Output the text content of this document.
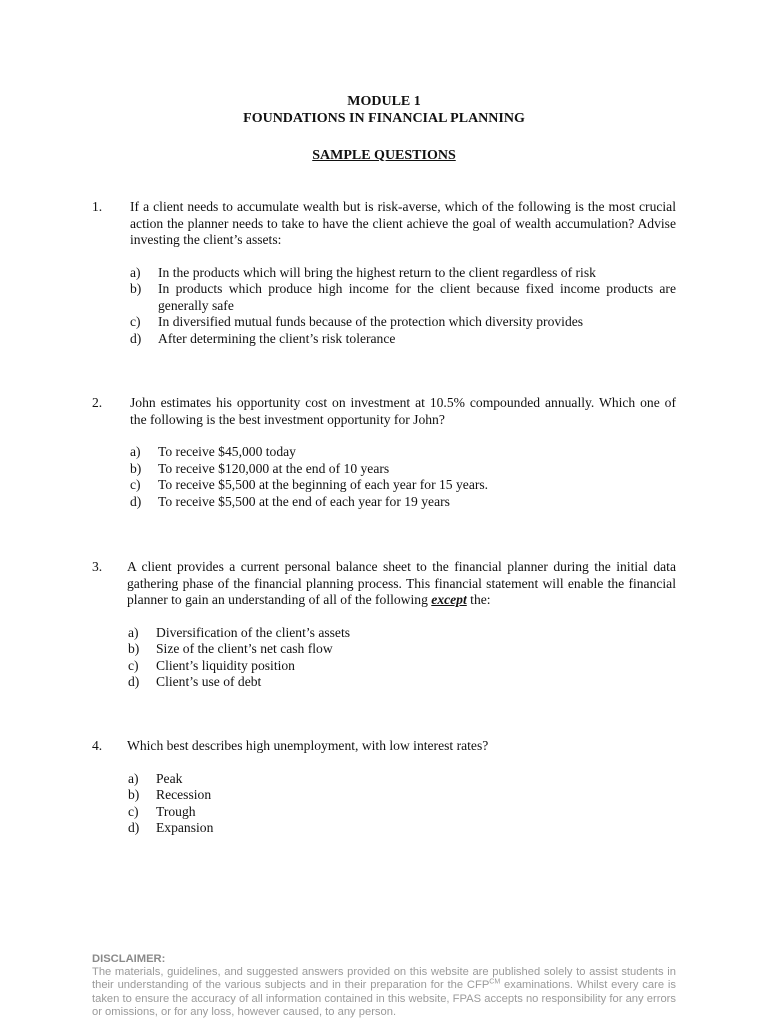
MODULE 1
FOUNDATIONS IN FINANCIAL PLANNING
SAMPLE QUESTIONS
1. If a client needs to accumulate wealth but is risk-averse, which of the following is the most crucial action the planner needs to take to have the client achieve the goal of wealth accumulation? Advise investing the client’s assets:
a) In the products which will bring the highest return to the client regardless of risk
b) In products which produce high income for the client because fixed income products are generally safe
c) In diversified mutual funds because of the protection which diversity provides
d) After determining the client’s risk tolerance
2. John estimates his opportunity cost on investment at 10.5% compounded annually. Which one of the following is the best investment opportunity for John?
a) To receive $45,000 today
b) To receive $120,000 at the end of 10 years
c) To receive $5,500 at the beginning of each year for 15 years.
d) To receive $5,500 at the end of each year for 19 years
3. A client provides a current personal balance sheet to the financial planner during the initial data gathering phase of the financial planning process. This financial statement will enable the financial planner to gain an understanding of all of the following except the:
a) Diversification of the client’s assets
b) Size of the client’s net cash flow
c) Client’s liquidity position
d) Client’s use of debt
4. Which best describes high unemployment, with low interest rates?
a) Peak
b) Recession
c) Trough
d) Expansion
DISCLAIMER:
The materials, guidelines, and suggested answers provided on this website are published solely to assist students in their understanding of the various subjects and in their preparation for the $CFP^{CM}$ examinations. Whilst every care is taken to ensure the accuracy of all information contained in this website, FPAS accepts no responsibility for any errors or omissions, or for any loss, however caused, to any person.
